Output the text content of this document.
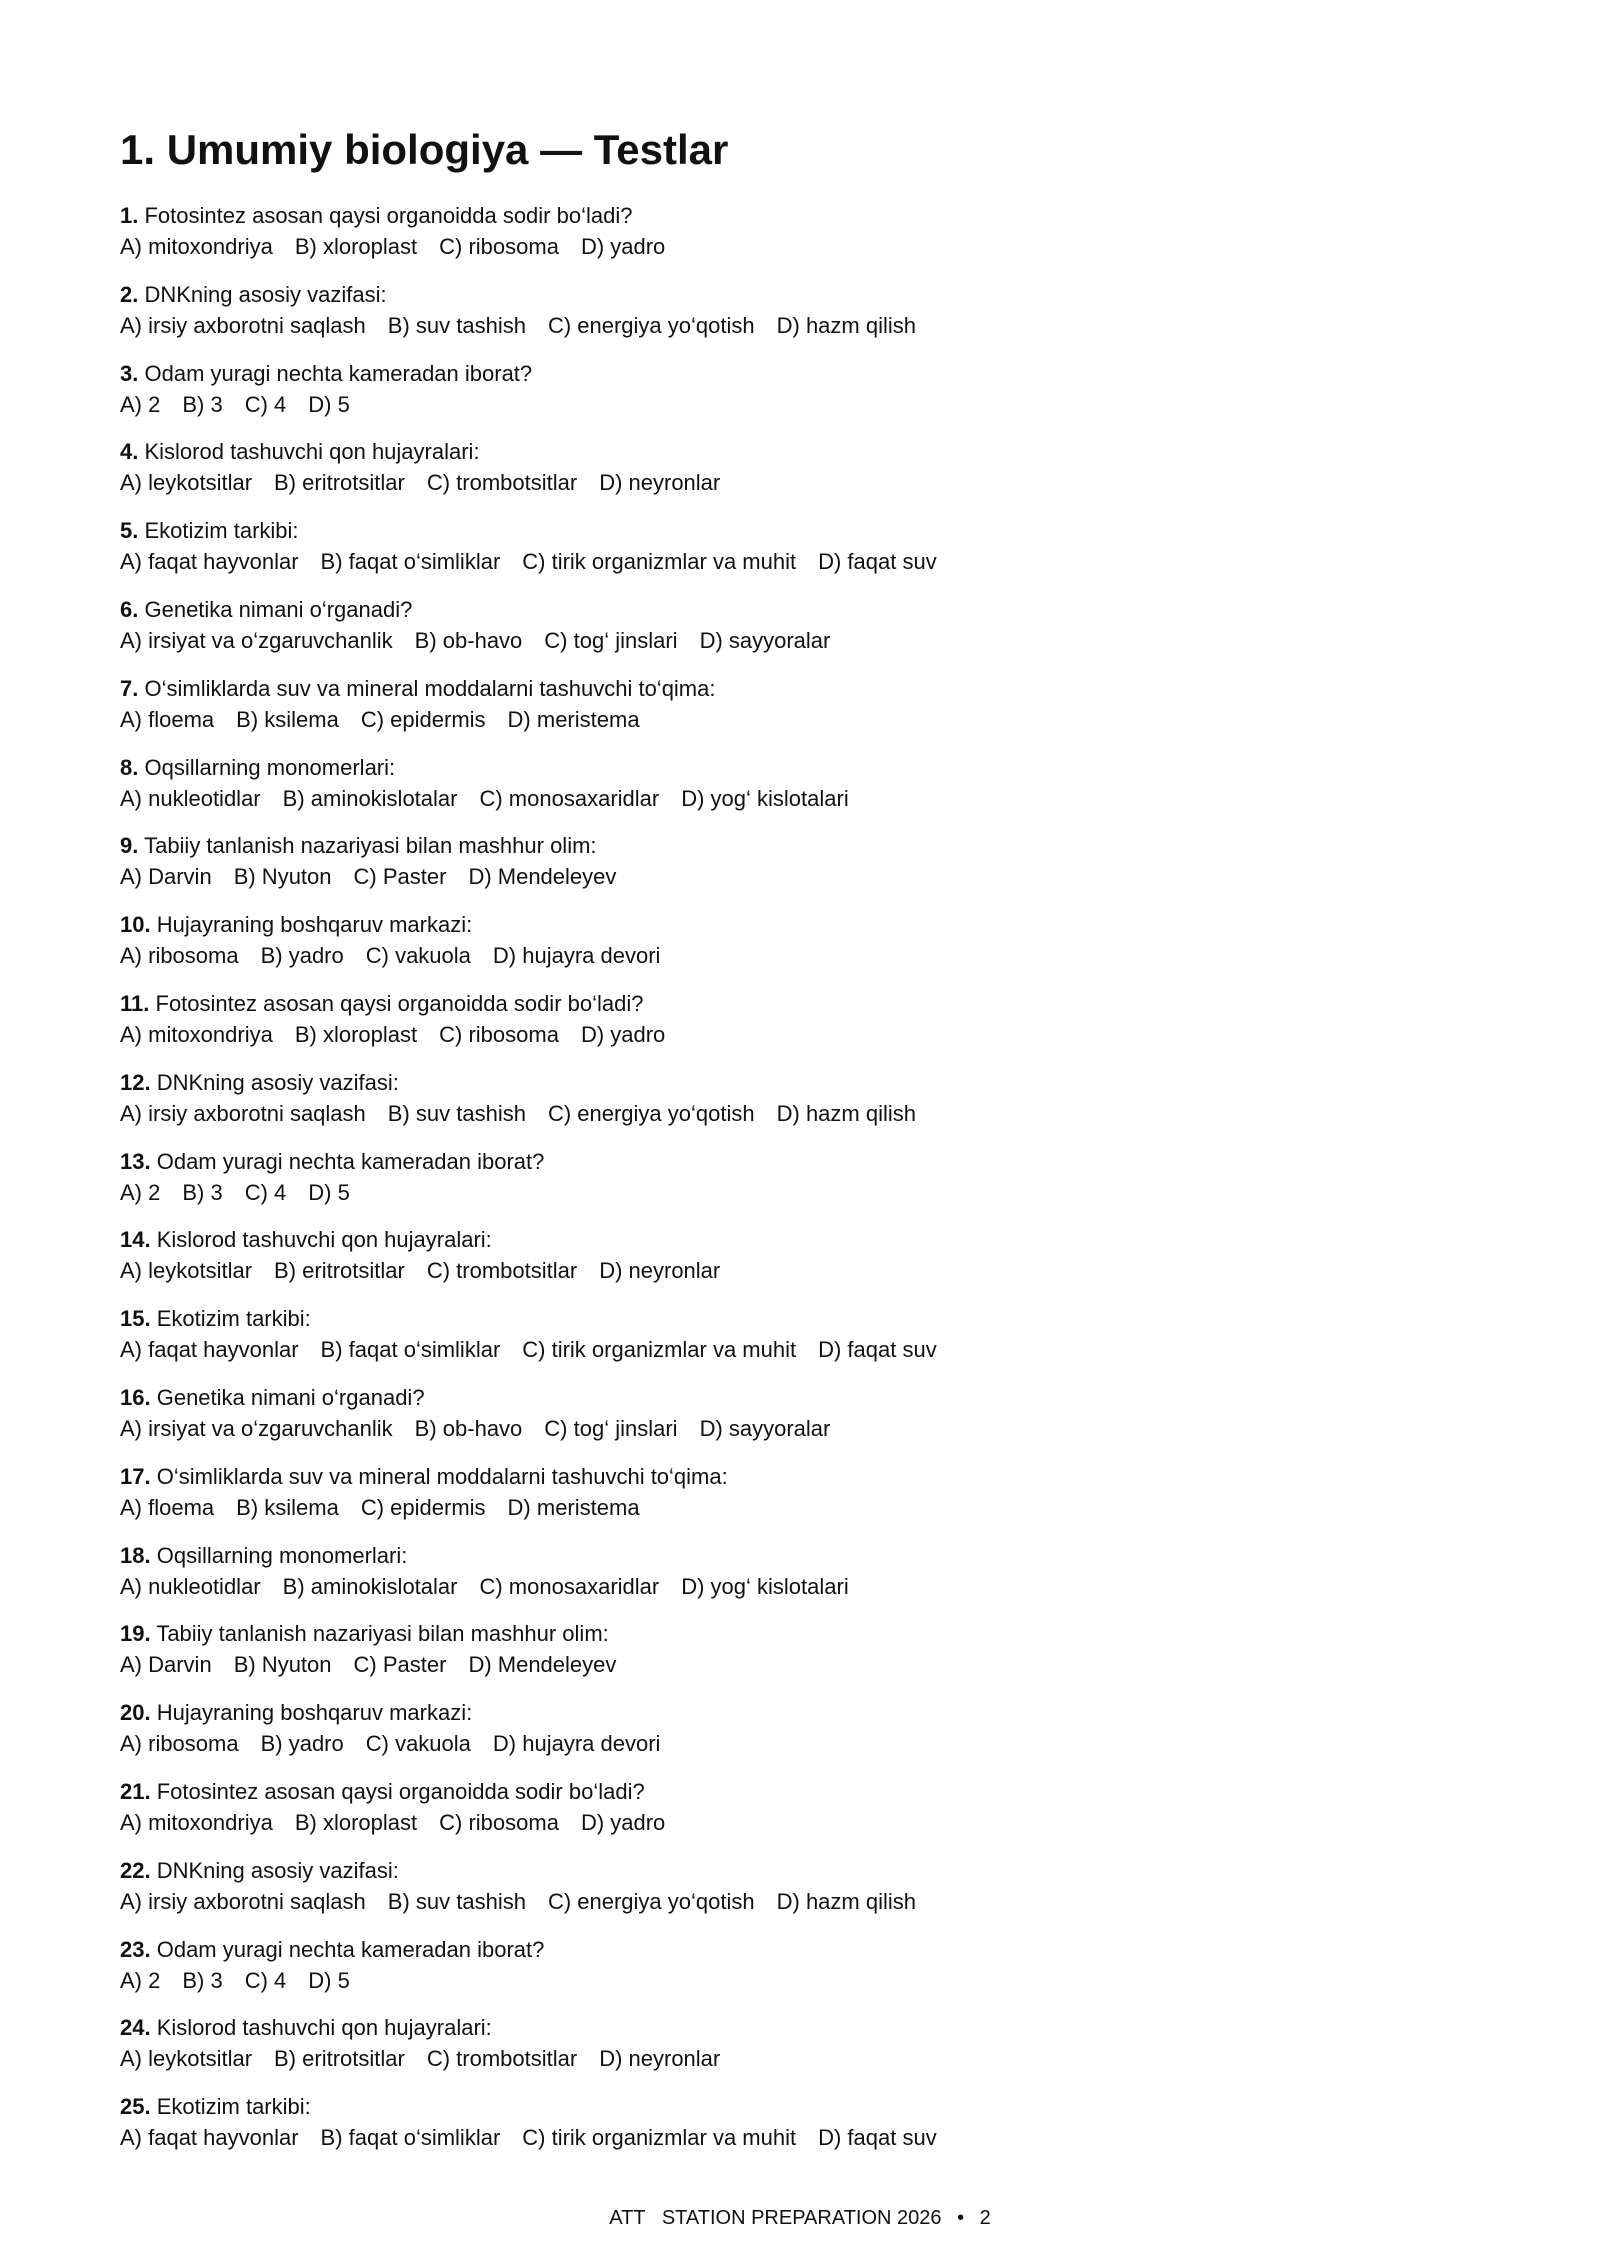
1. Umumiy biologiya — Testlar
1. Fotosintez asosan qaysi organoidda sodir bo‘ladi?
A) mitoxondriya B) xloroplast C) ribosoma D) yadro
2. DNKning asosiy vazifasi:
A) irsiy axborotni saqlash B) suv tashish C) energiya yo‘qotish D) hazm qilish
3. Odam yuragi nechta kameradan iborat?
A) 2 B) 3 C) 4 D) 5
4. Kislorod tashuvchi qon hujayralari:
A) leykotsitlar B) eritrotsitlar C) trombotsitlar D) neyronlar
5. Ekotizim tarkibi:
A) faqat hayvonlar B) faqat o‘simliklar C) tirik organizmlar va muhit D) faqat suv
6. Genetika nimani o‘rganadi?
A) irsiyat va o‘zgaruvchanlik B) ob-havo C) tog‘ jinslari D) sayyoralar
7. O‘simliklarda suv va mineral moddalarni tashuvchi to‘qima:
A) floema B) ksilema C) epidermis D) meristema
8. Oqsillarning monomerlari:
A) nukleotidlar B) aminokislotalar C) monosaxaridlar D) yog‘ kislotalari
9. Tabiiy tanlanish nazariyasi bilan mashhur olim:
A) Darvin B) Nyuton C) Paster D) Mendeleyev
10. Hujayraning boshqaruv markazi:
A) ribosoma B) yadro C) vakuola D) hujayra devori
11. Fotosintez asosan qaysi organoidda sodir bo‘ladi?
A) mitoxondriya B) xloroplast C) ribosoma D) yadro
12. DNKning asosiy vazifasi:
A) irsiy axborotni saqlash B) suv tashish C) energiya yo‘qotish D) hazm qilish
13. Odam yuragi nechta kameradan iborat?
A) 2 B) 3 C) 4 D) 5
14. Kislorod tashuvchi qon hujayralari:
A) leykotsitlar B) eritrotsitlar C) trombotsitlar D) neyronlar
15. Ekotizim tarkibi:
A) faqat hayvonlar B) faqat o‘simliklar C) tirik organizmlar va muhit D) faqat suv
16. Genetika nimani o‘rganadi?
A) irsiyat va o‘zgaruvchanlik B) ob-havo C) tog‘ jinslari D) sayyoralar
17. O‘simliklarda suv va mineral moddalarni tashuvchi to‘qima:
A) floema B) ksilema C) epidermis D) meristema
18. Oqsillarning monomerlari:
A) nukleotidlar B) aminokislotalar C) monosaxaridlar D) yog‘ kislotalari
19. Tabiiy tanlanish nazariyasi bilan mashhur olim:
A) Darvin B) Nyuton C) Paster D) Mendeleyev
20. Hujayraning boshqaruv markazi:
A) ribosoma B) yadro C) vakuola D) hujayra devori
21. Fotosintez asosan qaysi organoidda sodir bo‘ladi?
A) mitoxondriya B) xloroplast C) ribosoma D) yadro
22. DNKning asosiy vazifasi:
A) irsiy axborotni saqlash B) suv tashish C) energiya yo‘qotish D) hazm qilish
23. Odam yuragi nechta kameradan iborat?
A) 2 B) 3 C) 4 D) 5
24. Kislorod tashuvchi qon hujayralari:
A) leykotsitlar B) eritrotsitlar C) trombotsitlar D) neyronlar
25. Ekotizim tarkibi:
A) faqat hayvonlar B) faqat o‘simliklar C) tirik organizmlar va muhit D) faqat suv
ATT   STATION PREPARATION 2026 • 2
